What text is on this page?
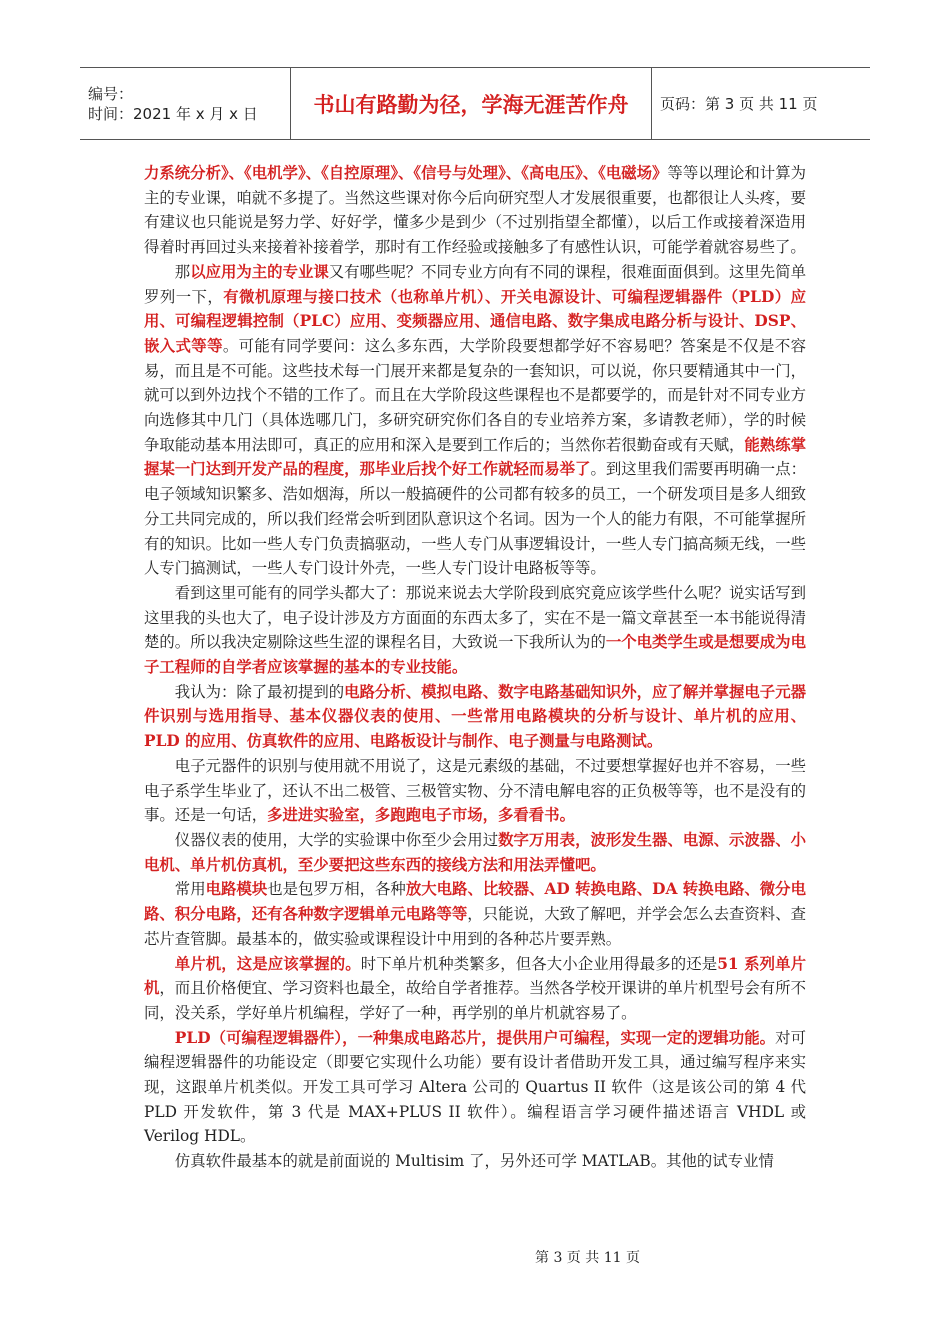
编号：
时间：2021 年 x 月 x 日	书山有路勤为径，学海无涯苦作舟	页码：第 3 页 共 11 页

力系统分析》、《电机学》、《自控原理》、《信号与处理》、《高电压》、《电磁场》等等以理论和计算为主的专业课，咱就不多提了。当然这些课对你今后向研究型人才发展很重要，也都很让人头疼，要有建议也只能说是努力学、好好学，懂多少是到少（不过别指望全都懂），以后工作或接着深造用得着时再回过头来接着补接着学，那时有工作经验或接触多了有感性认识，可能学着就容易些了。

那以应用为主的专业课又有哪些呢？不同专业方向有不同的课程，很难面面俱到。这里先简单罗列一下，有微机原理与接口技术（也称单片机）、开关电源设计、可编程逻辑器件（PLD）应用、可编程逻辑控制（PLC）应用、变频器应用、通信电路、数字集成电路分析与设计、DSP、嵌入式等等。可能有同学要问：这么多东西，大学阶段要想都学好不容易吧？答案是不仅是不容易，而且是不可能。这些技术每一门展开来都是复杂的一套知识，可以说，你只要精通其中一门，就可以到外边找个不错的工作了。而且在大学阶段这些课程也不是都要学的，而是针对不同专业方向选修其中几门（具体选哪几门，多研究研究你们各自的专业培养方案，多请教老师），学的时候争取能动基本用法即可，真正的应用和深入是要到工作后的；当然你若很勤奋或有天赋，能熟练掌握某一门达到开发产品的程度，那毕业后找个好工作就轻而易举了。到这里我们需要再明确一点：电子领域知识繁多、浩如烟海，所以一般搞硬件的公司都有较多的员工，一个研发项目是多人细致分工共同完成的，所以我们经常会听到团队意识这个名词。因为一个人的能力有限，不可能掌握所有的知识。比如一些人专门负责搞驱动，一些人专门从事逻辑设计，一些人专门搞高频无线，一些人专门搞测试，一些人专门设计外壳，一些人专门设计电路板等等。

看到这里可能有的同学头都大了：那说来说去大学阶段到底究竟应该学些什么呢？说实话写到这里我的头也大了，电子设计涉及方方面面的东西太多了，实在不是一篇文章甚至一本书能说得清楚的。所以我决定剔除这些生涩的课程名目，大致说一下我所认为的一个电类学生或是想要成为电子工程师的自学者应该掌握的基本的专业技能。

我认为：除了最初提到的电路分析、模拟电路、数字电路基础知识外，应了解并掌握电子元器件识别与选用指导、基本仪器仪表的使用、一些常用电路模块的分析与设计、单片机的应用、PLD 的应用、仿真软件的应用、电路板设计与制作、电子测量与电路测试。

电子元器件的识别与使用就不用说了，这是元素级的基础，不过要想掌握好也并不容易，一些电子系学生毕业了，还认不出二极管、三极管实物、分不清电解电容的正负极等等，也不是没有的事。还是一句话，多进进实验室，多跑跑电子市场，多看看书。

仪器仪表的使用，大学的实验课中你至少会用过数字万用表，波形发生器、电源、示波器、小电机、单片机仿真机，至少要把这些东西的接线方法和用法弄懂吧。

常用电路模块也是包罗万相，各种放大电路、比较器、AD 转换电路、DA 转换电路、微分电路、积分电路，还有各种数字逻辑单元电路等等，只能说，大致了解吧，并学会怎么去查资料、查芯片查管脚。最基本的，做实验或课程设计中用到的各种芯片要弄熟。

单片机，这是应该掌握的。时下单片机种类繁多，但各大小企业用得最多的还是51 系列单片机，而且价格便宜、学习资料也最全，故给自学者推荐。当然各学校开课讲的单片机型号会有所不同，没关系，学好单片机编程，学好了一种，再学别的单片机就容易了。

PLD（可编程逻辑器件），一种集成电路芯片，提供用户可编程，实现一定的逻辑功能。对可编程逻辑器件的功能设定（即要它实现什么功能）要有设计者借助开发工具，通过编写程序来实现，这跟单片机类似。开发工具可学习 Altera 公司的 Quartus II 软件（这是该公司的第 4 代 PLD 开发软件，第 3 代是 MAX+PLUS II 软件）。编程语言学习硬件描述语言 VHDL 或 Verilog HDL。

仿真软件最基本的就是前面说的 Multisim 了，另外还可学 MATLAB。其他的试专业情

第 3 页 共 11 页
